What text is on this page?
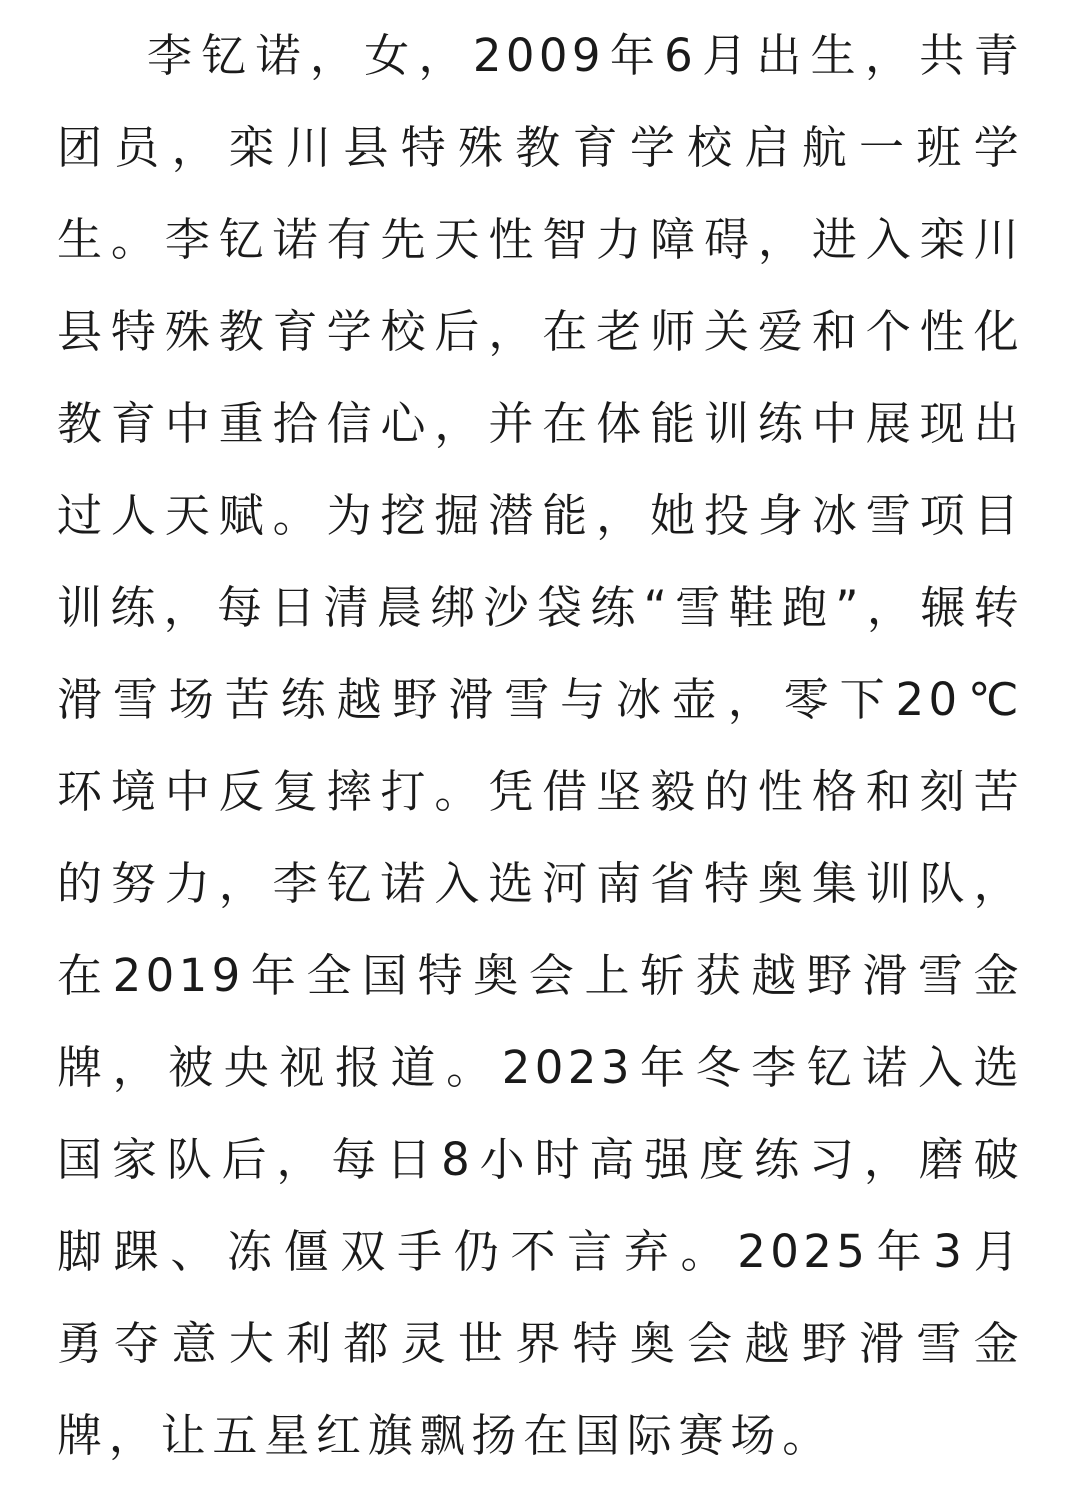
李钇诺，女，2009年6月出生，共青
团员，栾川县特殊教育学校启航一班学
生。李钇诺有先天性智力障碍，进入栾川
县特殊教育学校后，在老师关爱和个性化
教育中重拾信心，并在体能训练中展现出
过人天赋。为挖掘潜能，她投身冰雪项目
训练，每日清晨绑沙袋练“雪鞋跑”，辗转
滑雪场苦练越野滑雪与冰壶，零下20℃
环境中反复摔打。凭借坚毅的性格和刻苦
的努力，李钇诺入选河南省特奥集训队，
在2019年全国特奥会上斩获越野滑雪金
牌，被央视报道。2023年冬李钇诺入选
国家队后，每日8小时高强度练习，磨破
脚踝、冻僵双手仍不言弃。2025年3月
勇夺意大利都灵世界特奥会越野滑雪金
牌，让五星红旗飘扬在国际赛场。
